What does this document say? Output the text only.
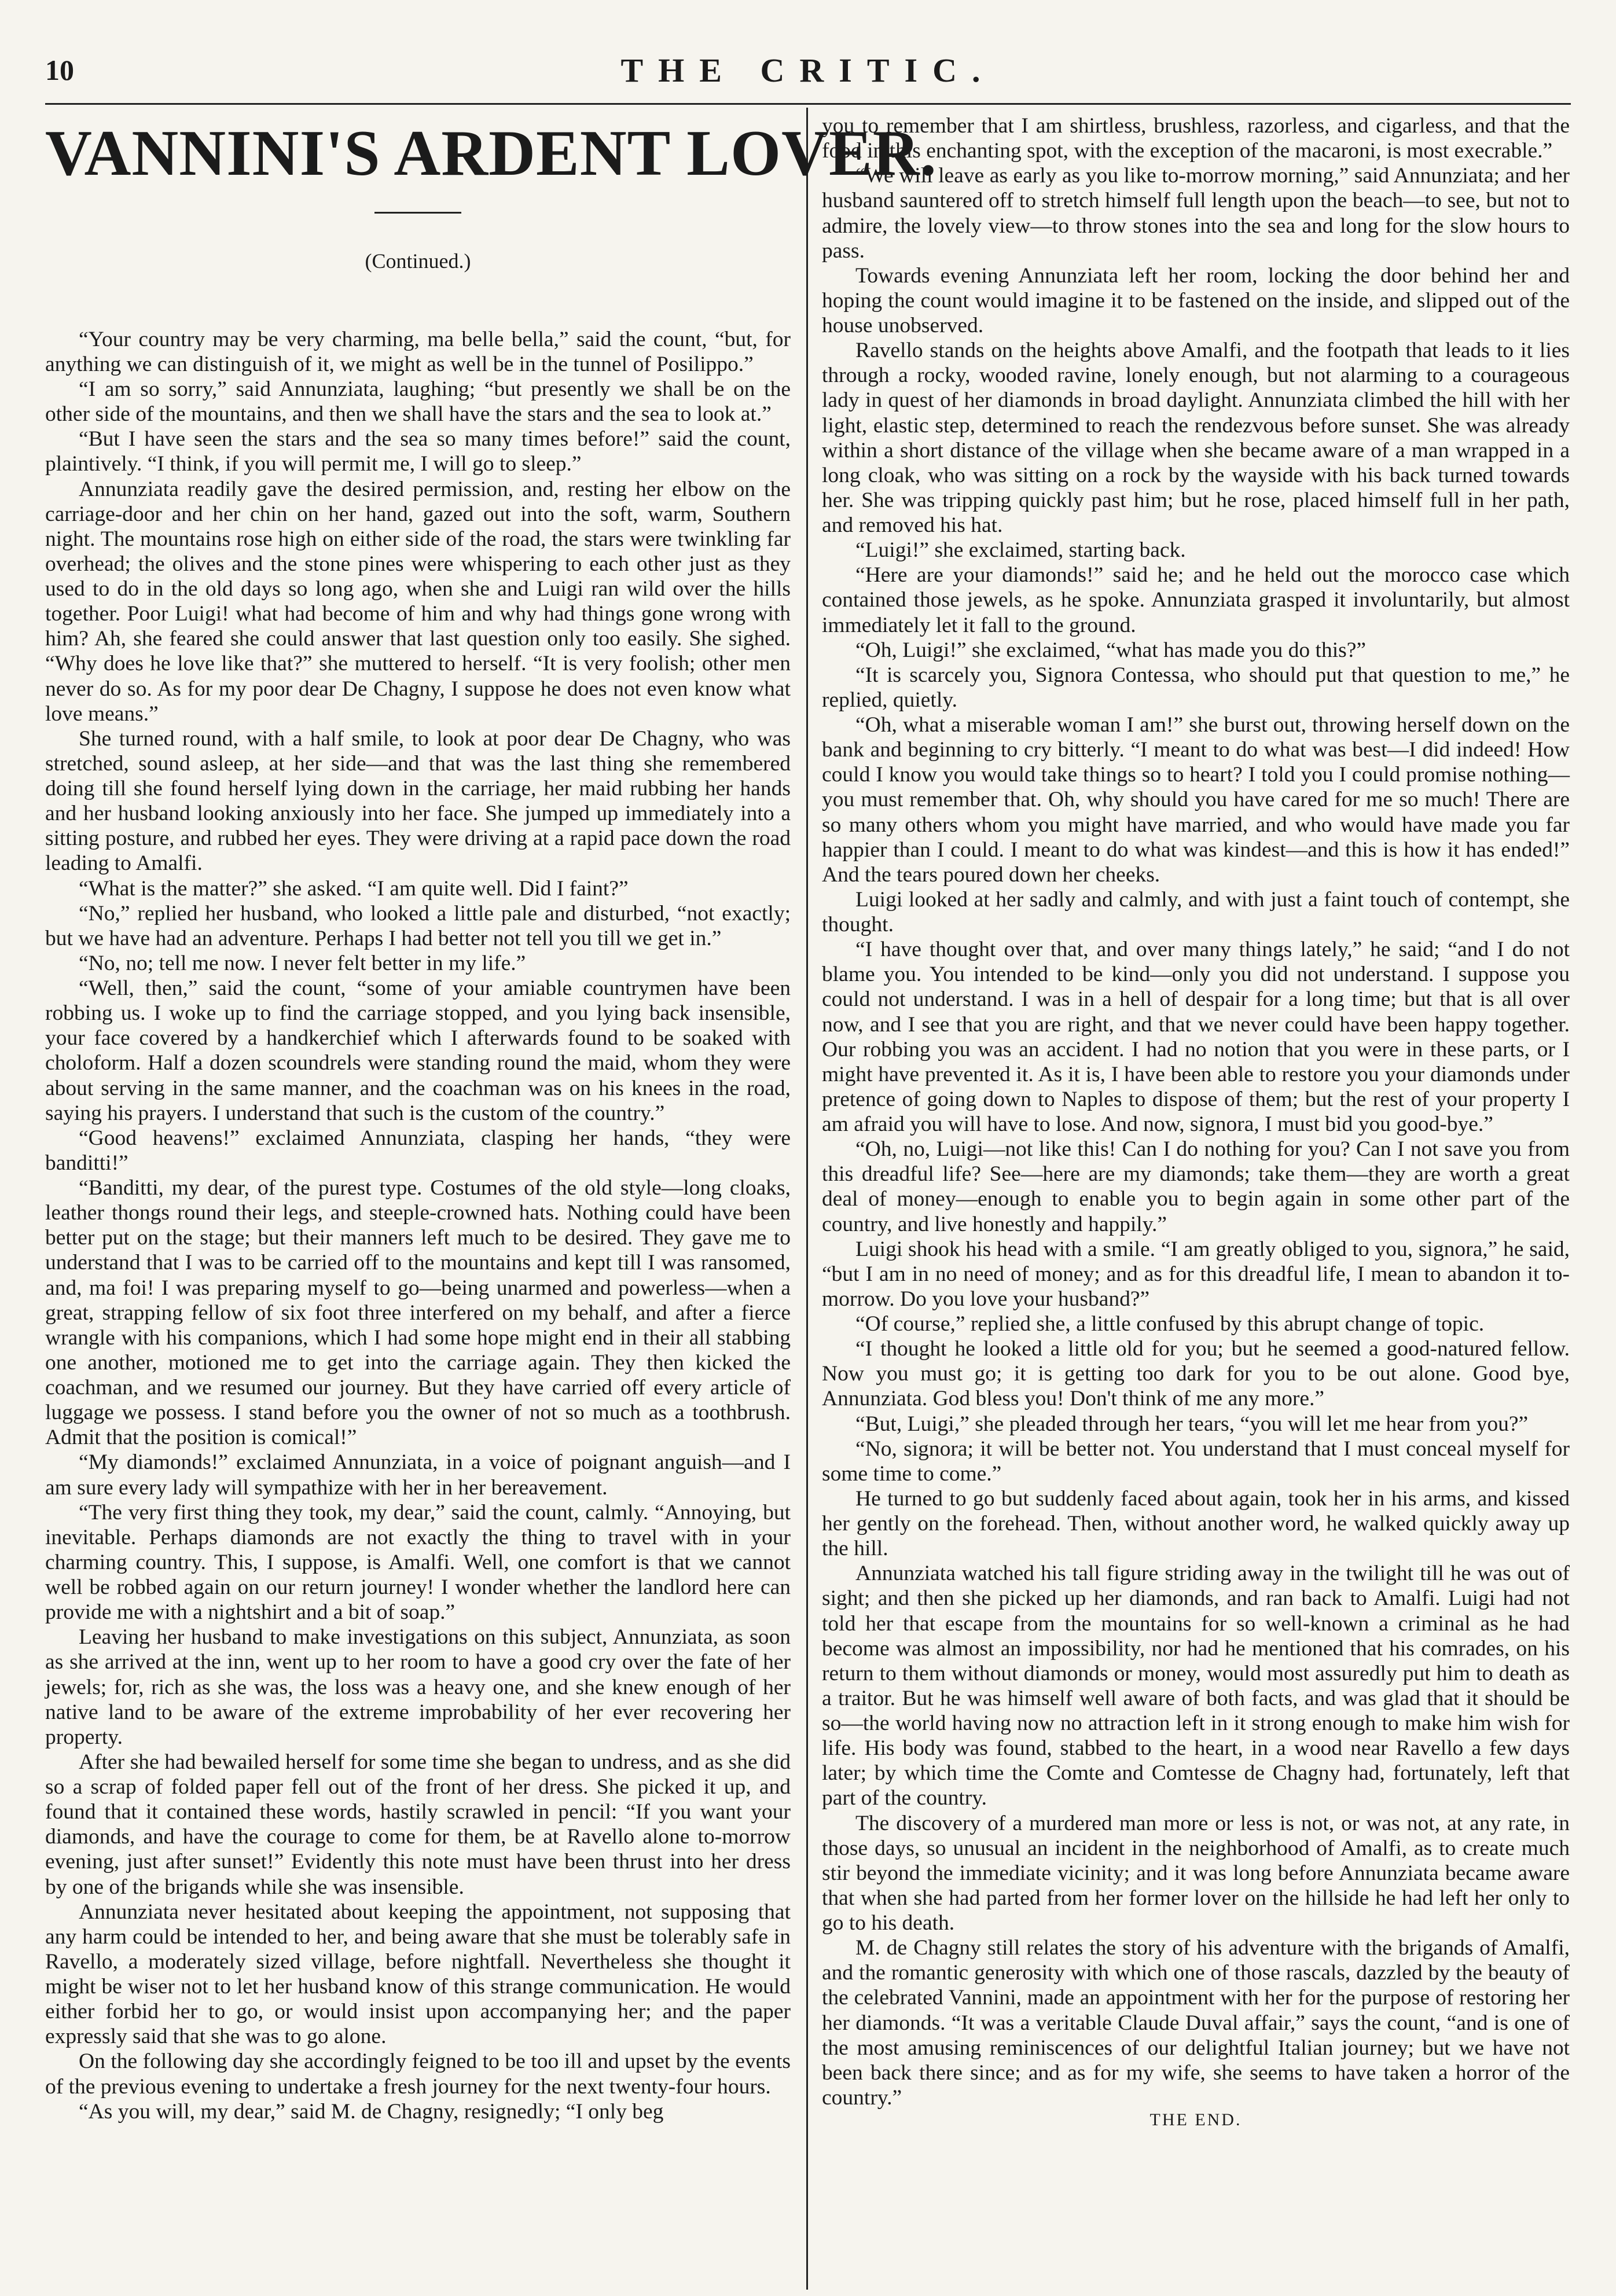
10	THE CRITIC.
VANNINI'S ARDENT LOVER.
(Continued.)

“Your country may be very charming, ma belle bella,” said the count, “but, for anything we can distinguish of it, we might as well be in the tunnel of Posilippo.”

“I am so sorry,” said Annunziata, laughing; “but presently we shall be on the other side of the mountains, and then we shall have the stars and the sea to look at.”

“But I have seen the stars and the sea so many times before!” said the count, plaintively. “I think, if you will permit me, I will go to sleep.”

Annunziata readily gave the desired permission, and, resting her elbow on the carriage-door and her chin on her hand, gazed out into the soft, warm, Southern night. The mountains rose high on either side of the road, the stars were twinkling far overhead; the olives and the stone pines were whispering to each other just as they used to do in the old days so long ago, when she and Luigi ran wild over the hills together. Poor Luigi! what had become of him and why had things gone wrong with him? Ah, she feared she could answer that last question only too easily. She sighed. “Why does he love like that?” she muttered to herself. “It is very foolish; other men never do so. As for my poor dear De Chagny, I suppose he does not even know what love means.”

She turned round, with a half smile, to look at poor dear De Chagny, who was stretched, sound asleep, at her side—and that was the last thing she remembered doing till she found herself lying down in the carriage, her maid rubbing her hands and her husband looking anxiously into her face. She jumped up immediately into a sitting posture, and rubbed her eyes. They were driving at a rapid pace down the road leading to Amalfi.

“What is the matter?” she asked. “I am quite well. Did I faint?”

“No,” replied her husband, who looked a little pale and disturbed, “not exactly; but we have had an adventure. Perhaps I had better not tell you till we get in.”

“No, no; tell me now. I never felt better in my life.”

“Well, then,” said the count, “some of your amiable countrymen have been robbing us. I woke up to find the carriage stopped, and you lying back insensible, your face covered by a handkerchief which I afterwards found to be soaked with choloform. Half a dozen scoundrels were standing round the maid, whom they were about serving in the same manner, and the coachman was on his knees in the road, saying his prayers. I understand that such is the custom of the country.”

“Good heavens!” exclaimed Annunziata, clasping her hands, “they were banditti!”

“Banditti, my dear, of the purest type. Costumes of the old style—long cloaks, leather thongs round their legs, and steeple-crowned hats. Nothing could have been better put on the stage; but their manners left much to be desired. They gave me to understand that I was to be carried off to the mountains and kept till I was ransomed, and, ma foi! I was preparing myself to go—being unarmed and powerless—when a great, strapping fellow of six foot three interfered on my behalf, and after a fierce wrangle with his companions, which I had some hope might end in their all stabbing one another, motioned me to get into the carriage again. They then kicked the coachman, and we resumed our journey. But they have carried off every article of luggage we possess. I stand before you the owner of not so much as a toothbrush. Admit that the position is comical!”

“My diamonds!” exclaimed Annunziata, in a voice of poignant anguish—and I am sure every lady will sympathize with her in her bereavement.

“The very first thing they took, my dear,” said the count, calmly. “Annoying, but inevitable. Perhaps diamonds are not exactly the thing to travel with in your charming country. This, I suppose, is Amalfi. Well, one comfort is that we cannot well be robbed again on our return journey! I wonder whether the landlord here can provide me with a nightshirt and a bit of soap.”

Leaving her husband to make investigations on this subject, Annunziata, as soon as she arrived at the inn, went up to her room to have a good cry over the fate of her jewels; for, rich as she was, the loss was a heavy one, and she knew enough of her native land to be aware of the extreme improbability of her ever recovering her property.

After she had bewailed herself for some time she began to undress, and as she did so a scrap of folded paper fell out of the front of her dress. She picked it up, and found that it contained these words, hastily scrawled in pencil: “If you want your diamonds, and have the courage to come for them, be at Ravello alone to-morrow evening, just after sunset!” Evidently this note must have been thrust into her dress by one of the brigands while she was insensible.

Annunziata never hesitated about keeping the appointment, not supposing that any harm could be intended to her, and being aware that she must be tolerably safe in Ravello, a moderately sized village, before nightfall. Nevertheless she thought it might be wiser not to let her husband know of this strange communication. He would either forbid her to go, or would insist upon accompanying her; and the paper expressly said that she was to go alone.

On the following day she accordingly feigned to be too ill and upset by the events of the previous evening to undertake a fresh journey for the next twenty-four hours.

“As you will, my dear,” said M. de Chagny, resignedly; “I only beg

you to remember that I am shirtless, brushless, razorless, and cigarless, and that the food in this enchanting spot, with the exception of the macaroni, is most execrable.”

“We will leave as early as you like to-morrow morning,” said Annunziata; and her husband sauntered off to stretch himself full length upon the beach—to see, but not to admire, the lovely view—to throw stones into the sea and long for the slow hours to pass.

Towards evening Annunziata left her room, locking the door behind her and hoping the count would imagine it to be fastened on the inside, and slipped out of the house unobserved.

Ravello stands on the heights above Amalfi, and the footpath that leads to it lies through a rocky, wooded ravine, lonely enough, but not alarming to a courageous lady in quest of her diamonds in broad daylight. Annunziata climbed the hill with her light, elastic step, determined to reach the rendezvous before sunset. She was already within a short distance of the village when she became aware of a man wrapped in a long cloak, who was sitting on a rock by the wayside with his back turned towards her. She was tripping quickly past him; but he rose, placed himself full in her path, and removed his hat.

“Luigi!” she exclaimed, starting back.

“Here are your diamonds!” said he; and he held out the morocco case which contained those jewels, as he spoke. Annunziata grasped it involuntarily, but almost immediately let it fall to the ground.

“Oh, Luigi!” she exclaimed, “what has made you do this?”

“It is scarcely you, Signora Contessa, who should put that question to me,” he replied, quietly.

“Oh, what a miserable woman I am!” she burst out, throwing herself down on the bank and beginning to cry bitterly. “I meant to do what was best—I did indeed! How could I know you would take things so to heart? I told you I could promise nothing—you must remember that. Oh, why should you have cared for me so much! There are so many others whom you might have married, and who would have made you far happier than I could. I meant to do what was kindest—and this is how it has ended!” And the tears poured down her cheeks.

Luigi looked at her sadly and calmly, and with just a faint touch of contempt, she thought.

“I have thought over that, and over many things lately,” he said; “and I do not blame you. You intended to be kind—only you did not understand. I suppose you could not understand. I was in a hell of despair for a long time; but that is all over now, and I see that you are right, and that we never could have been happy together. Our robbing you was an accident. I had no notion that you were in these parts, or I might have prevented it. As it is, I have been able to restore you your diamonds under pretence of going down to Naples to dispose of them; but the rest of your property I am afraid you will have to lose. And now, signora, I must bid you good-bye.”

“Oh, no, Luigi—not like this! Can I do nothing for you? Can I not save you from this dreadful life? See—here are my diamonds; take them—they are worth a great deal of money—enough to enable you to begin again in some other part of the country, and live honestly and happily.”

Luigi shook his head with a smile. “I am greatly obliged to you, signora,” he said, “but I am in no need of money; and as for this dreadful life, I mean to abandon it to-morrow. Do you love your husband?”

“Of course,” replied she, a little confused by this abrupt change of topic.

“I thought he looked a little old for you; but he seemed a good-natured fellow. Now you must go; it is getting too dark for you to be out alone. Good bye, Annunziata. God bless you! Don't think of me any more.”

“But, Luigi,” she pleaded through her tears, “you will let me hear from you?”

“No, signora; it will be better not. You understand that I must conceal myself for some time to come.”

He turned to go but suddenly faced about again, took her in his arms, and kissed her gently on the forehead. Then, without another word, he walked quickly away up the hill.

Annunziata watched his tall figure striding away in the twilight till he was out of sight; and then she picked up her diamonds, and ran back to Amalfi. Luigi had not told her that escape from the mountains for so well-known a criminal as he had become was almost an impossibility, nor had he mentioned that his comrades, on his return to them without diamonds or money, would most assuredly put him to death as a traitor. But he was himself well aware of both facts, and was glad that it should be so—the world having now no attraction left in it strong enough to make him wish for life. His body was found, stabbed to the heart, in a wood near Ravello a few days later; by which time the Comte and Comtesse de Chagny had, fortunately, left that part of the country.

The discovery of a murdered man more or less is not, or was not, at any rate, in those days, so unusual an incident in the neighborhood of Amalfi, as to create much stir beyond the immediate vicinity; and it was long before Annunziata became aware that when she had parted from her former lover on the hillside he had left her only to go to his death.

M. de Chagny still relates the story of his adventure with the brigands of Amalfi, and the romantic generosity with which one of those rascals, dazzled by the beauty of the celebrated Vannini, made an appointment with her for the purpose of restoring her her diamonds. “It was a veritable Claude Duval affair,” says the count, “and is one of the most amusing reminiscences of our delightful Italian journey; but we have not been back there since; and as for my wife, she seems to have taken a horror of the country.”

THE END.
